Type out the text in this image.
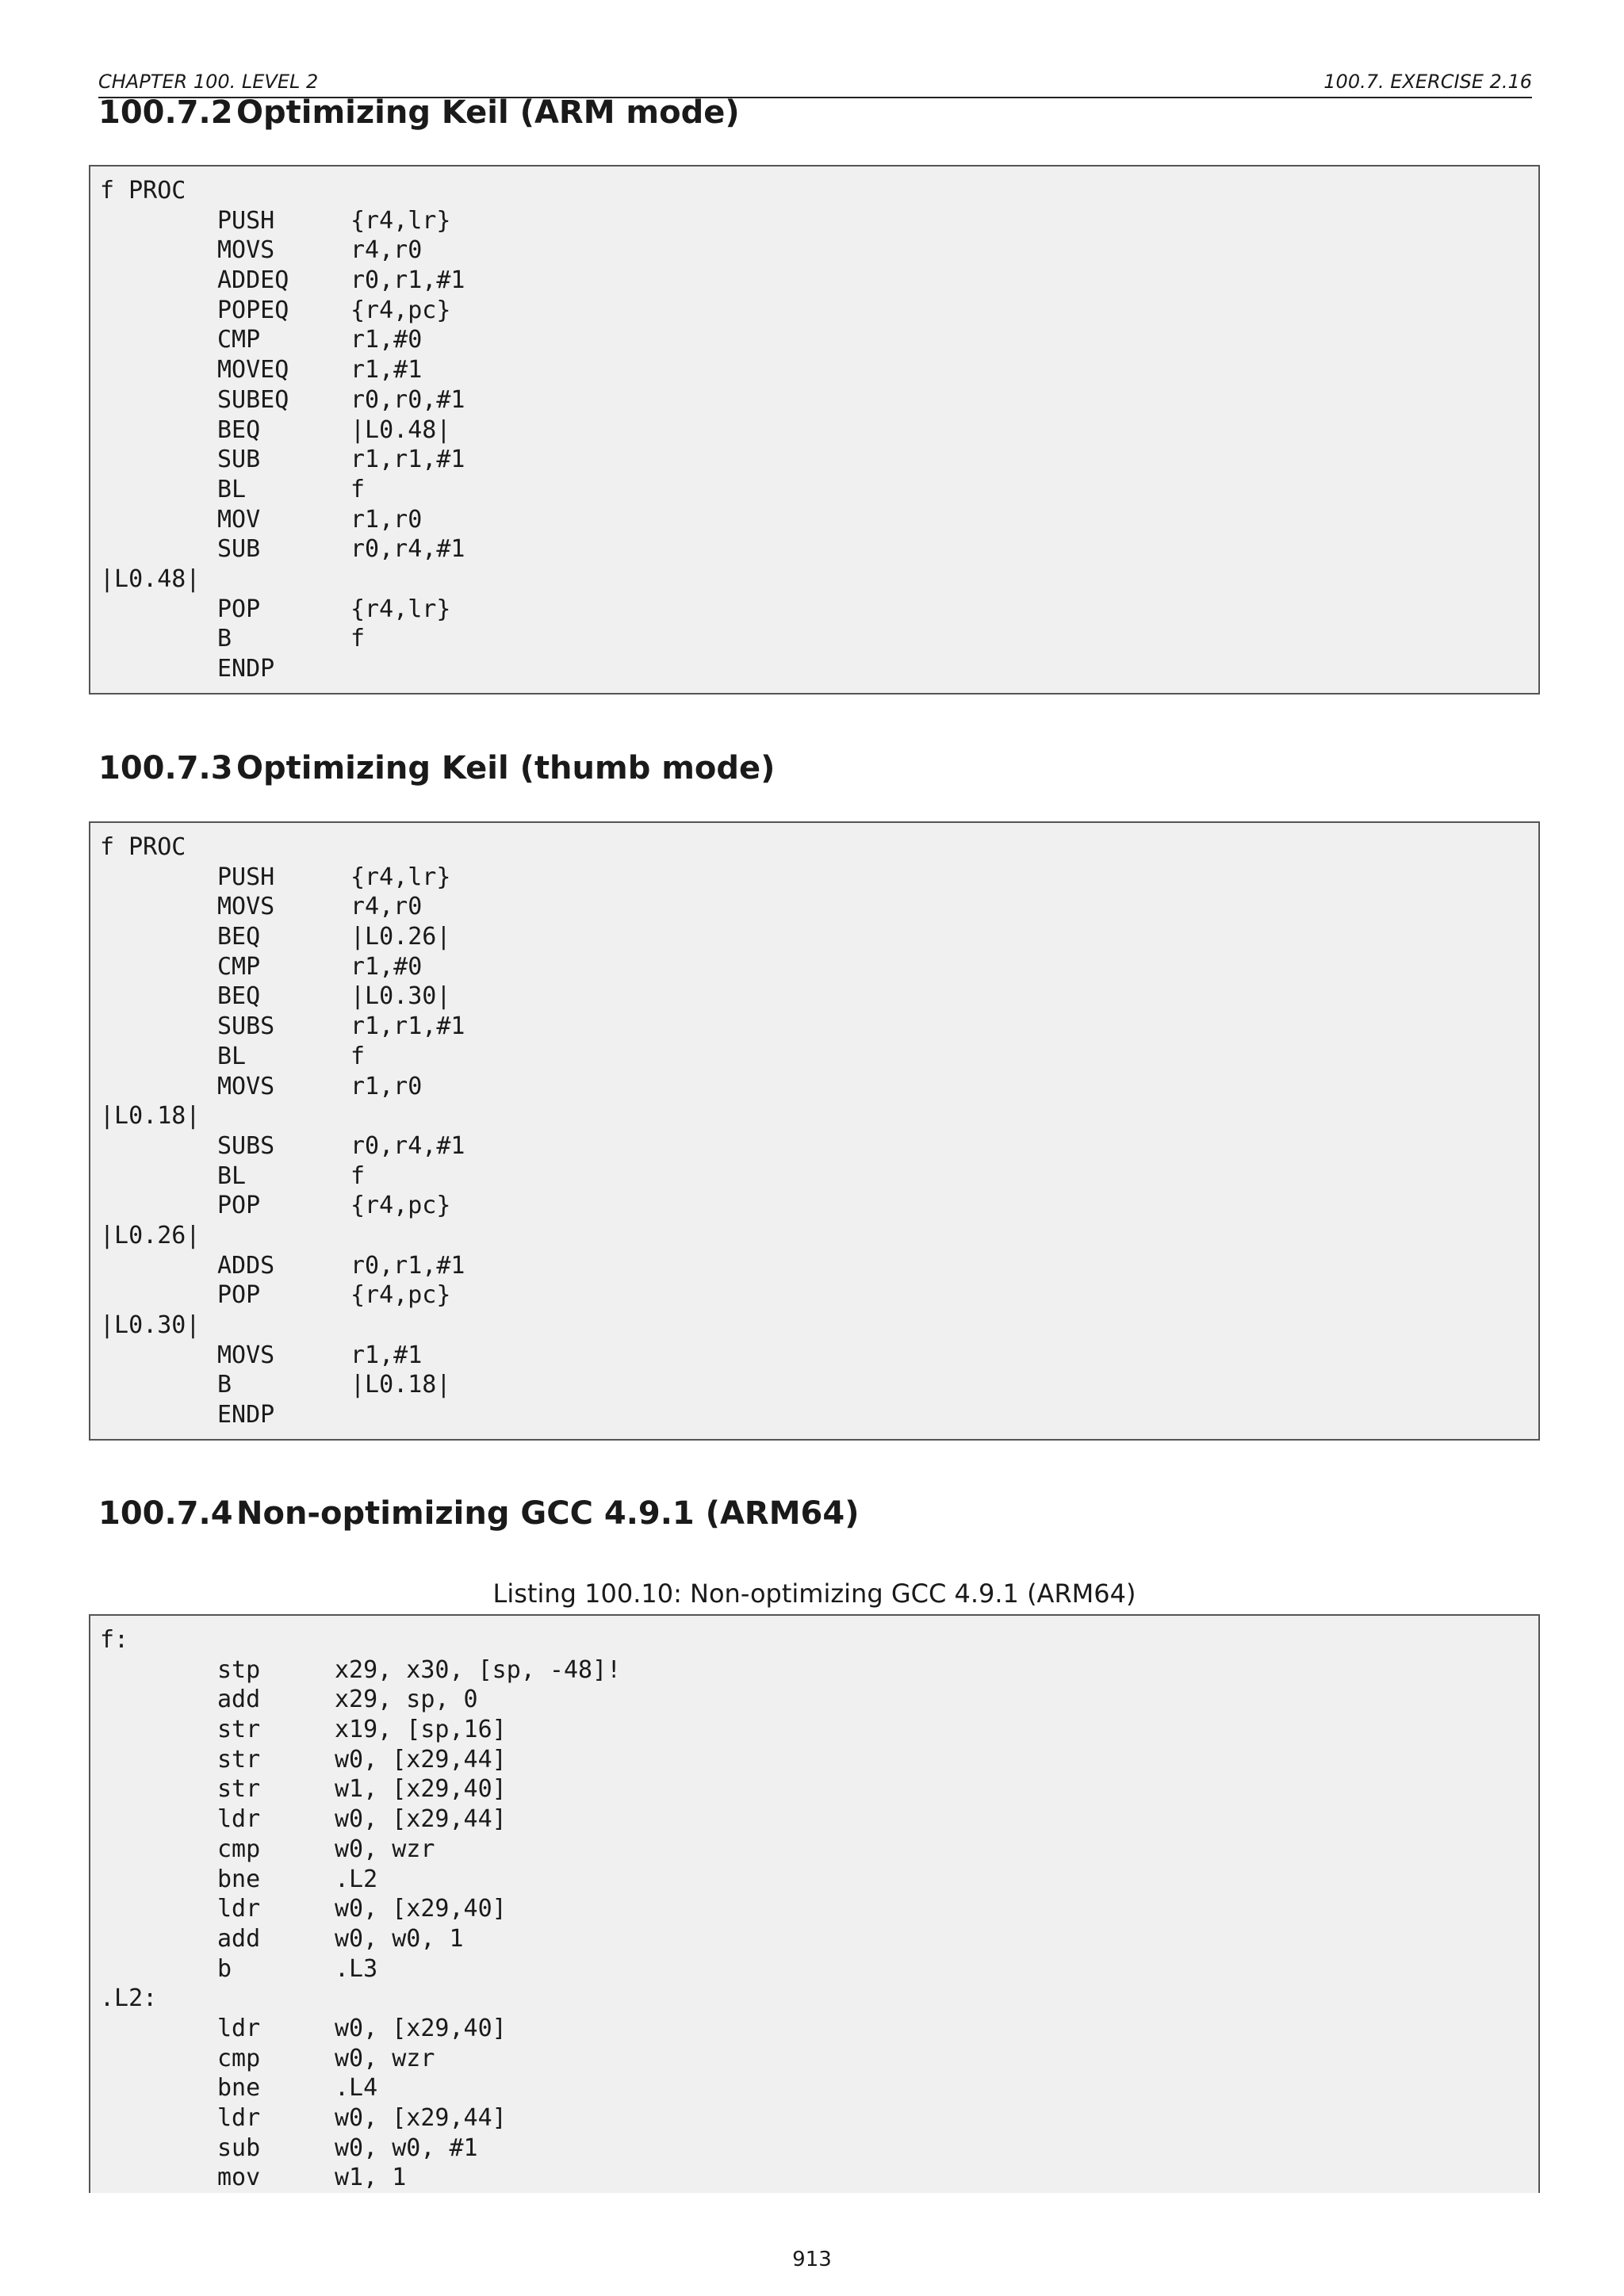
CHAPTER 100. LEVEL 2	100.7. EXERCISE 2.16
100.7.2 Optimizing Keil (ARM mode)
f PROC
PUSH	{r4,lr}
MOVS	r4,r0
ADDEQ	r0,r1,#1
POPEQ	{r4,pc}
CMP	r1,#0
MOVEQ	r1,#1
SUBEQ	r0,r0,#1
BEQ	|L0.48|
SUB	r1,r1,#1
BL	f
MOV	r1,r0
SUB	r0,r4,#1
|L0.48|
POP	{r4,lr}
B	f
ENDP
100.7.3 Optimizing Keil (thumb mode)
f PROC
PUSH	{r4,lr}
MOVS	r4,r0
BEQ	|L0.26|
CMP	r1,#0
BEQ	|L0.30|
SUBS	r1,r1,#1
BL	f
MOVS	r1,r0
|L0.18|
SUBS	r0,r4,#1
BL	f
POP	{r4,pc}
|L0.26|
ADDS	r0,r1,#1
POP	{r4,pc}
|L0.30|
MOVS	r1,#1
B	|L0.18|
ENDP
100.7.4 Non-optimizing GCC 4.9.1 (ARM64)
Listing 100.10: Non-optimizing GCC 4.9.1 (ARM64)
f:
stp	x29, x30, [sp, -48]!
add	x29, sp, 0
str	x19, [sp,16]
str	w0, [x29,44]
str	w1, [x29,40]
ldr	w0, [x29,44]
cmp	w0, wzr
bne	.L2
ldr	w0, [x29,40]
add	w0, w0, 1
b	.L3
.L2:
ldr	w0, [x29,40]
cmp	w0, wzr
bne	.L4
ldr	w0, [x29,44]
sub	w0, w0, #1
mov	w1, 1
913
